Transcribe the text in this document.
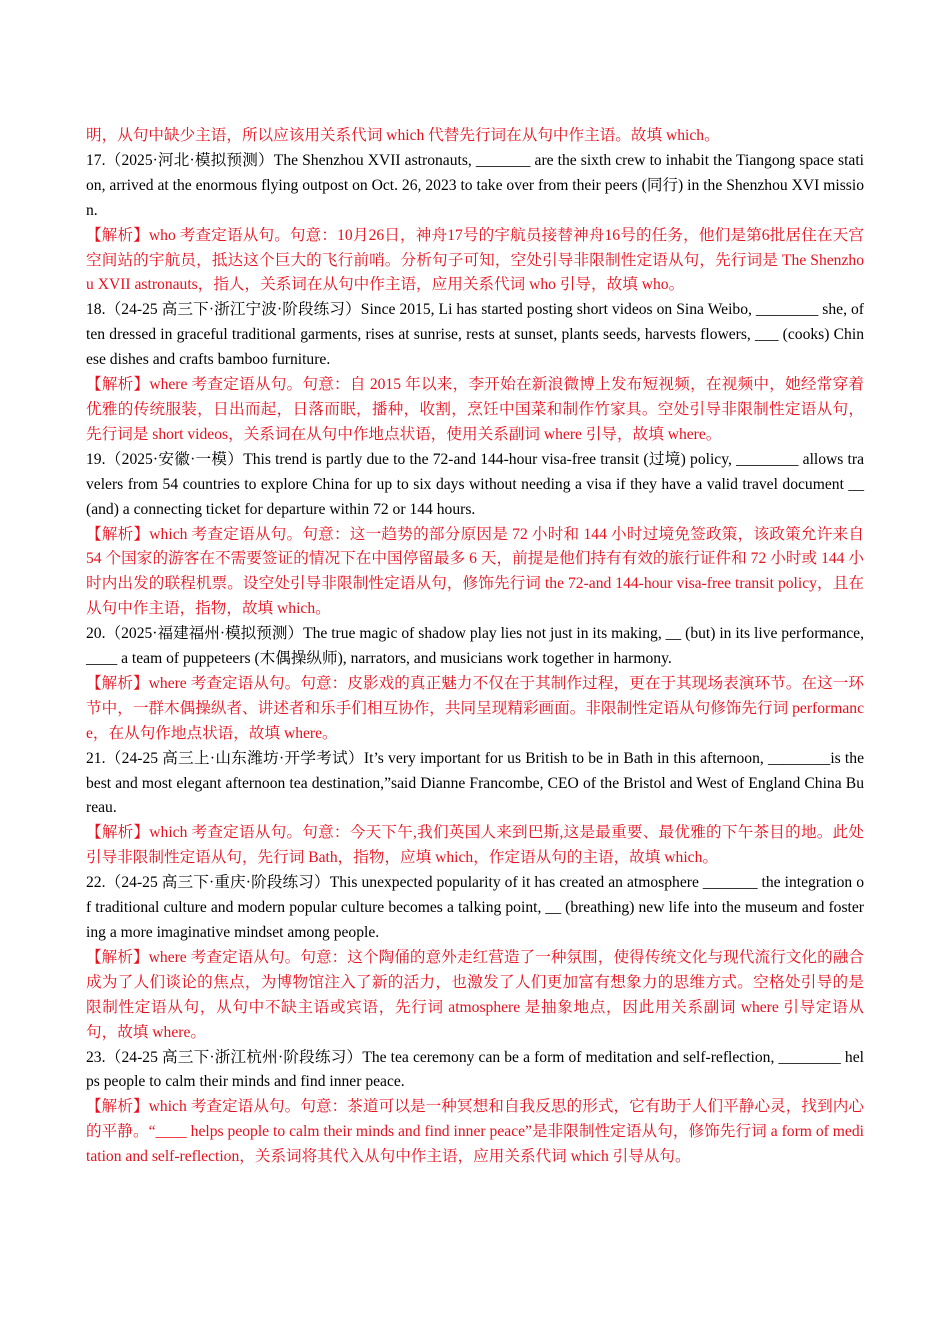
明，从句中缺少主语，所以应该用关系代词 which 代替先行词在从句中作主语。故填 which。

17.（2025·河北·模拟预测）The Shenzhou XVII astronauts, _______ are the sixth crew to inhabit the Tiangong space station, arrived at the enormous flying outpost on Oct. 26, 2023 to take over from their peers (同行) in the Shenzhou XVI mission.

【解析】who 考查定语从句。句意：10月26日，神舟17号的宇航员接替神舟16号的任务，他们是第6批居住在天宫空间站的宇航员，抵达这个巨大的飞行前哨。分析句子可知，空处引导非限制性定语从句，先行词是 The Shenzhou XVII astronauts，指人，关系词在从句中作主语，应用关系代词 who 引导，故填 who。

18.（24-25 高三下·浙江宁波·阶段练习）Since 2015, Li has started posting short videos on Sina Weibo, ________ she, often dressed in graceful traditional garments, rises at sunrise, rests at sunset, plants seeds, harvests flowers, ___ (cooks) Chinese dishes and crafts bamboo furniture.

【解析】where 考查定语从句。句意：自 2015 年以来，李开始在新浪微博上发布短视频，在视频中，她经常穿着优雅的传统服装，日出而起，日落而眠，播种，收割，烹饪中国菜和制作竹家具。空处引导非限制性定语从句，先行词是 short videos，关系词在从句中作地点状语，使用关系副词 where 引导，故填 where。

19.（2025·安徽·一模）This trend is partly due to the 72-and 144-hour visa-free transit (过境) policy, ________ allows travelers from 54 countries to explore China for up to six days without needing a visa if they have a valid travel document __ (and) a connecting ticket for departure within 72 or 144 hours.

【解析】which 考查定语从句。句意：这一趋势的部分原因是 72 小时和 144 小时过境免签政策，该政策允许来自 54 个国家的游客在不需要签证的情况下在中国停留最多 6 天，前提是他们持有有效的旅行证件和 72 小时或 144 小时内出发的联程机票。设空处引导非限制性定语从句，修饰先行词 the 72-and 144-hour visa-free transit policy，且在从句中作主语，指物，故填 which。

20.（2025·福建福州·模拟预测）The true magic of shadow play lies not just in its making, __ (but) in its live performance, ____ a team of puppeteers (木偶操纵师), narrators, and musicians work together in harmony.

【解析】where 考查定语从句。句意：皮影戏的真正魅力不仅在于其制作过程，更在于其现场表演环节。在这一环节中，一群木偶操纵者、讲述者和乐手们相互协作，共同呈现精彩画面。非限制性定语从句修饰先行词 performance，在从句作地点状语，故填 where。

21.（24-25 高三上·山东潍坊·开学考试）It’s very important for us British to be in Bath in this afternoon, ________is the best and most elegant afternoon tea destination,”said Dianne Francombe, CEO of the Bristol and West of England China Bureau.

【解析】which 考查定语从句。句意：今天下午,我们英国人来到巴斯,这是最重要、最优雅的下午茶目的地。此处引导非限制性定语从句，先行词 Bath，指物，应填 which，作定语从句的主语，故填 which。

22.（24-25 高三下·重庆·阶段练习）This unexpected popularity of it has created an atmosphere _______ the integration of traditional culture and modern popular culture becomes a talking point, __ (breathing) new life into the museum and fostering a more imaginative mindset among people.

【解析】where 考查定语从句。句意：这个陶俑的意外走红营造了一种氛围，使得传统文化与现代流行文化的融合成为了人们谈论的焦点，为博物馆注入了新的活力，也激发了人们更加富有想象力的思维方式。空格处引导的是限制性定语从句，从句中不缺主语或宾语，先行词 atmosphere 是抽象地点，因此用关系副词 where 引导定语从句，故填 where。

23.（24-25 高三下·浙江杭州·阶段练习）The tea ceremony can be a form of meditation and self-reflection, ________ helps people to calm their minds and find inner peace.

【解析】which 考查定语从句。句意：茶道可以是一种冥想和自我反思的形式，它有助于人们平静心灵，找到内心的平静。“____ helps people to calm their minds and find inner peace”是非限制性定语从句，修饰先行词 a form of meditation and self-reflection，关系词将其代入从句中作主语，应用关系代词 which 引导从句。
